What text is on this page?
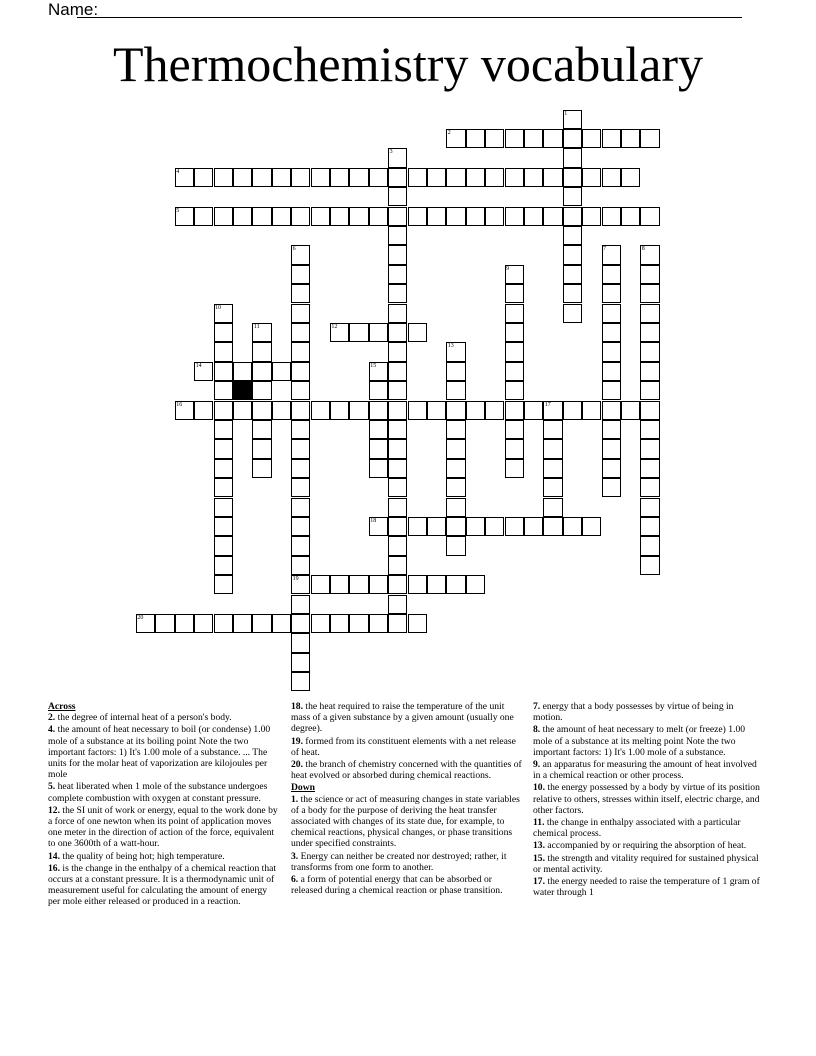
Name:
Thermochemistry vocabulary
1
2
3
4
5
6	7	8
9
10
11	12
13
14	15
16	17
18
19
20
Across
2. the degree of internal heat of a person's body.
4. the amount of heat necessary to boil (or condense) 1.00 mole of a substance at its boiling point Note the two important factors: 1) It's 1.00 mole of a substance. ... The units for the molar heat of vaporization are kilojoules per mole
5. heat liberated when 1 mole of the substance undergoes complete combustion with oxygen at constant pressure.
12. the SI unit of work or energy, equal to the work done by a force of one newton when its point of application moves one meter in the direction of action of the force, equivalent to one 3600th of a watt-hour.
14. the quality of being hot; high temperature.
16. is the change in the enthalpy of a chemical reaction that occurs at a constant pressure. It is a thermodynamic unit of measurement useful for calculating the amount of energy per mole either released or produced in a reaction.
18. the heat required to raise the temperature of the unit mass of a given substance by a given amount (usually one degree).
19. formed from its constituent elements with a net release of heat.
20. the branch of chemistry concerned with the quantities of heat evolved or absorbed during chemical reactions.
Down
1. the science or act of measuring changes in state variables of a body for the purpose of deriving the heat transfer associated with changes of its state due, for example, to chemical reactions, physical changes, or phase transitions under specified constraints.
3. Energy can neither be created nor destroyed; rather, it transforms from one form to another.
6. a form of potential energy that can be absorbed or released during a chemical reaction or phase transition.
7. energy that a body possesses by virtue of being in motion.
8. the amount of heat necessary to melt (or freeze) 1.00 mole of a substance at its melting point Note the two important factors: 1) It's 1.00 mole of a substance.
9. an apparatus for measuring the amount of heat involved in a chemical reaction or other process.
10. the energy possessed by a body by virtue of its position relative to others, stresses within itself, electric charge, and other factors.
11. the change in enthalpy associated with a particular chemical process.
13. accompanied by or requiring the absorption of heat.
15. the strength and vitality required for sustained physical or mental activity.
17. the energy needed to raise the temperature of 1 gram of water through 1
